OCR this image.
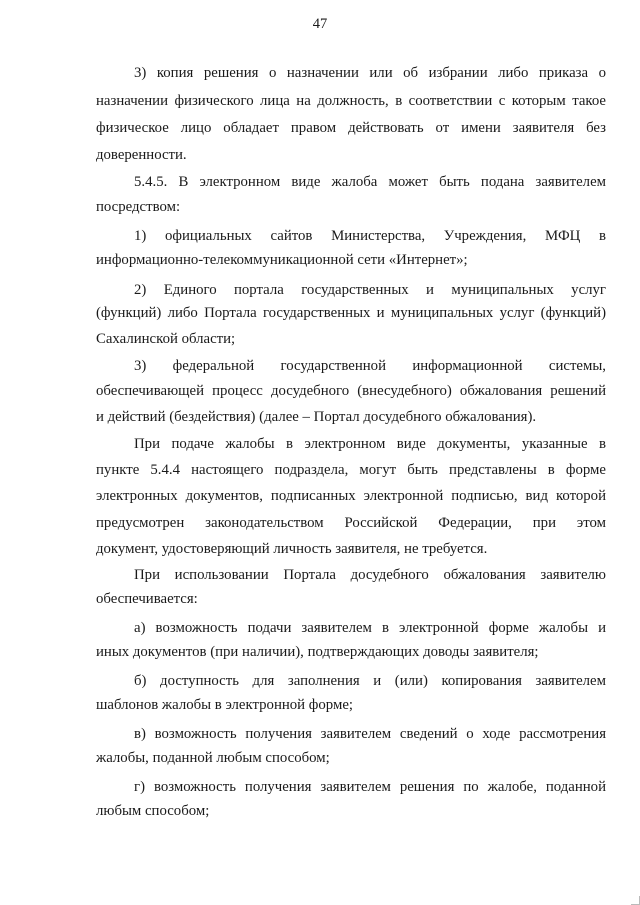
47
3) копия решения о назначении или об избрании либо приказа о
назначении физического лица на должность, в соответствии с которым такое
физическое лицо обладает правом действовать от имени заявителя без
доверенности.
5.4.5. В электронном виде жалоба может быть подана заявителем
посредством:
1) официальных сайтов Министерства, Учреждения, МФЦ в
информационно-телекоммуникационной сети «Интернет»;
2) Единого портала государственных и муниципальных услуг
(функций) либо Портала государственных и муниципальных услуг (функций)
Сахалинской области;
3) федеральной государственной информационной системы,
обеспечивающей процесс досудебного (внесудебного) обжалования решений
и действий (бездействия) (далее – Портал досудебного обжалования).
При подаче жалобы в электронном виде документы, указанные в
пункте 5.4.4 настоящего подраздела, могут быть представлены в форме
электронных документов, подписанных электронной подписью, вид которой
предусмотрен законодательством Российской Федерации, при этом
документ, удостоверяющий личность заявителя, не требуется.
При использовании Портала досудебного обжалования заявителю
обеспечивается:
а) возможность подачи заявителем в электронной форме жалобы и
иных документов (при наличии), подтверждающих доводы заявителя;
б) доступность для заполнения и (или) копирования заявителем
шаблонов жалобы в электронной форме;
в) возможность получения заявителем сведений о ходе рассмотрения
жалобы, поданной любым способом;
г) возможность получения заявителем решения по жалобе, поданной
любым способом;
